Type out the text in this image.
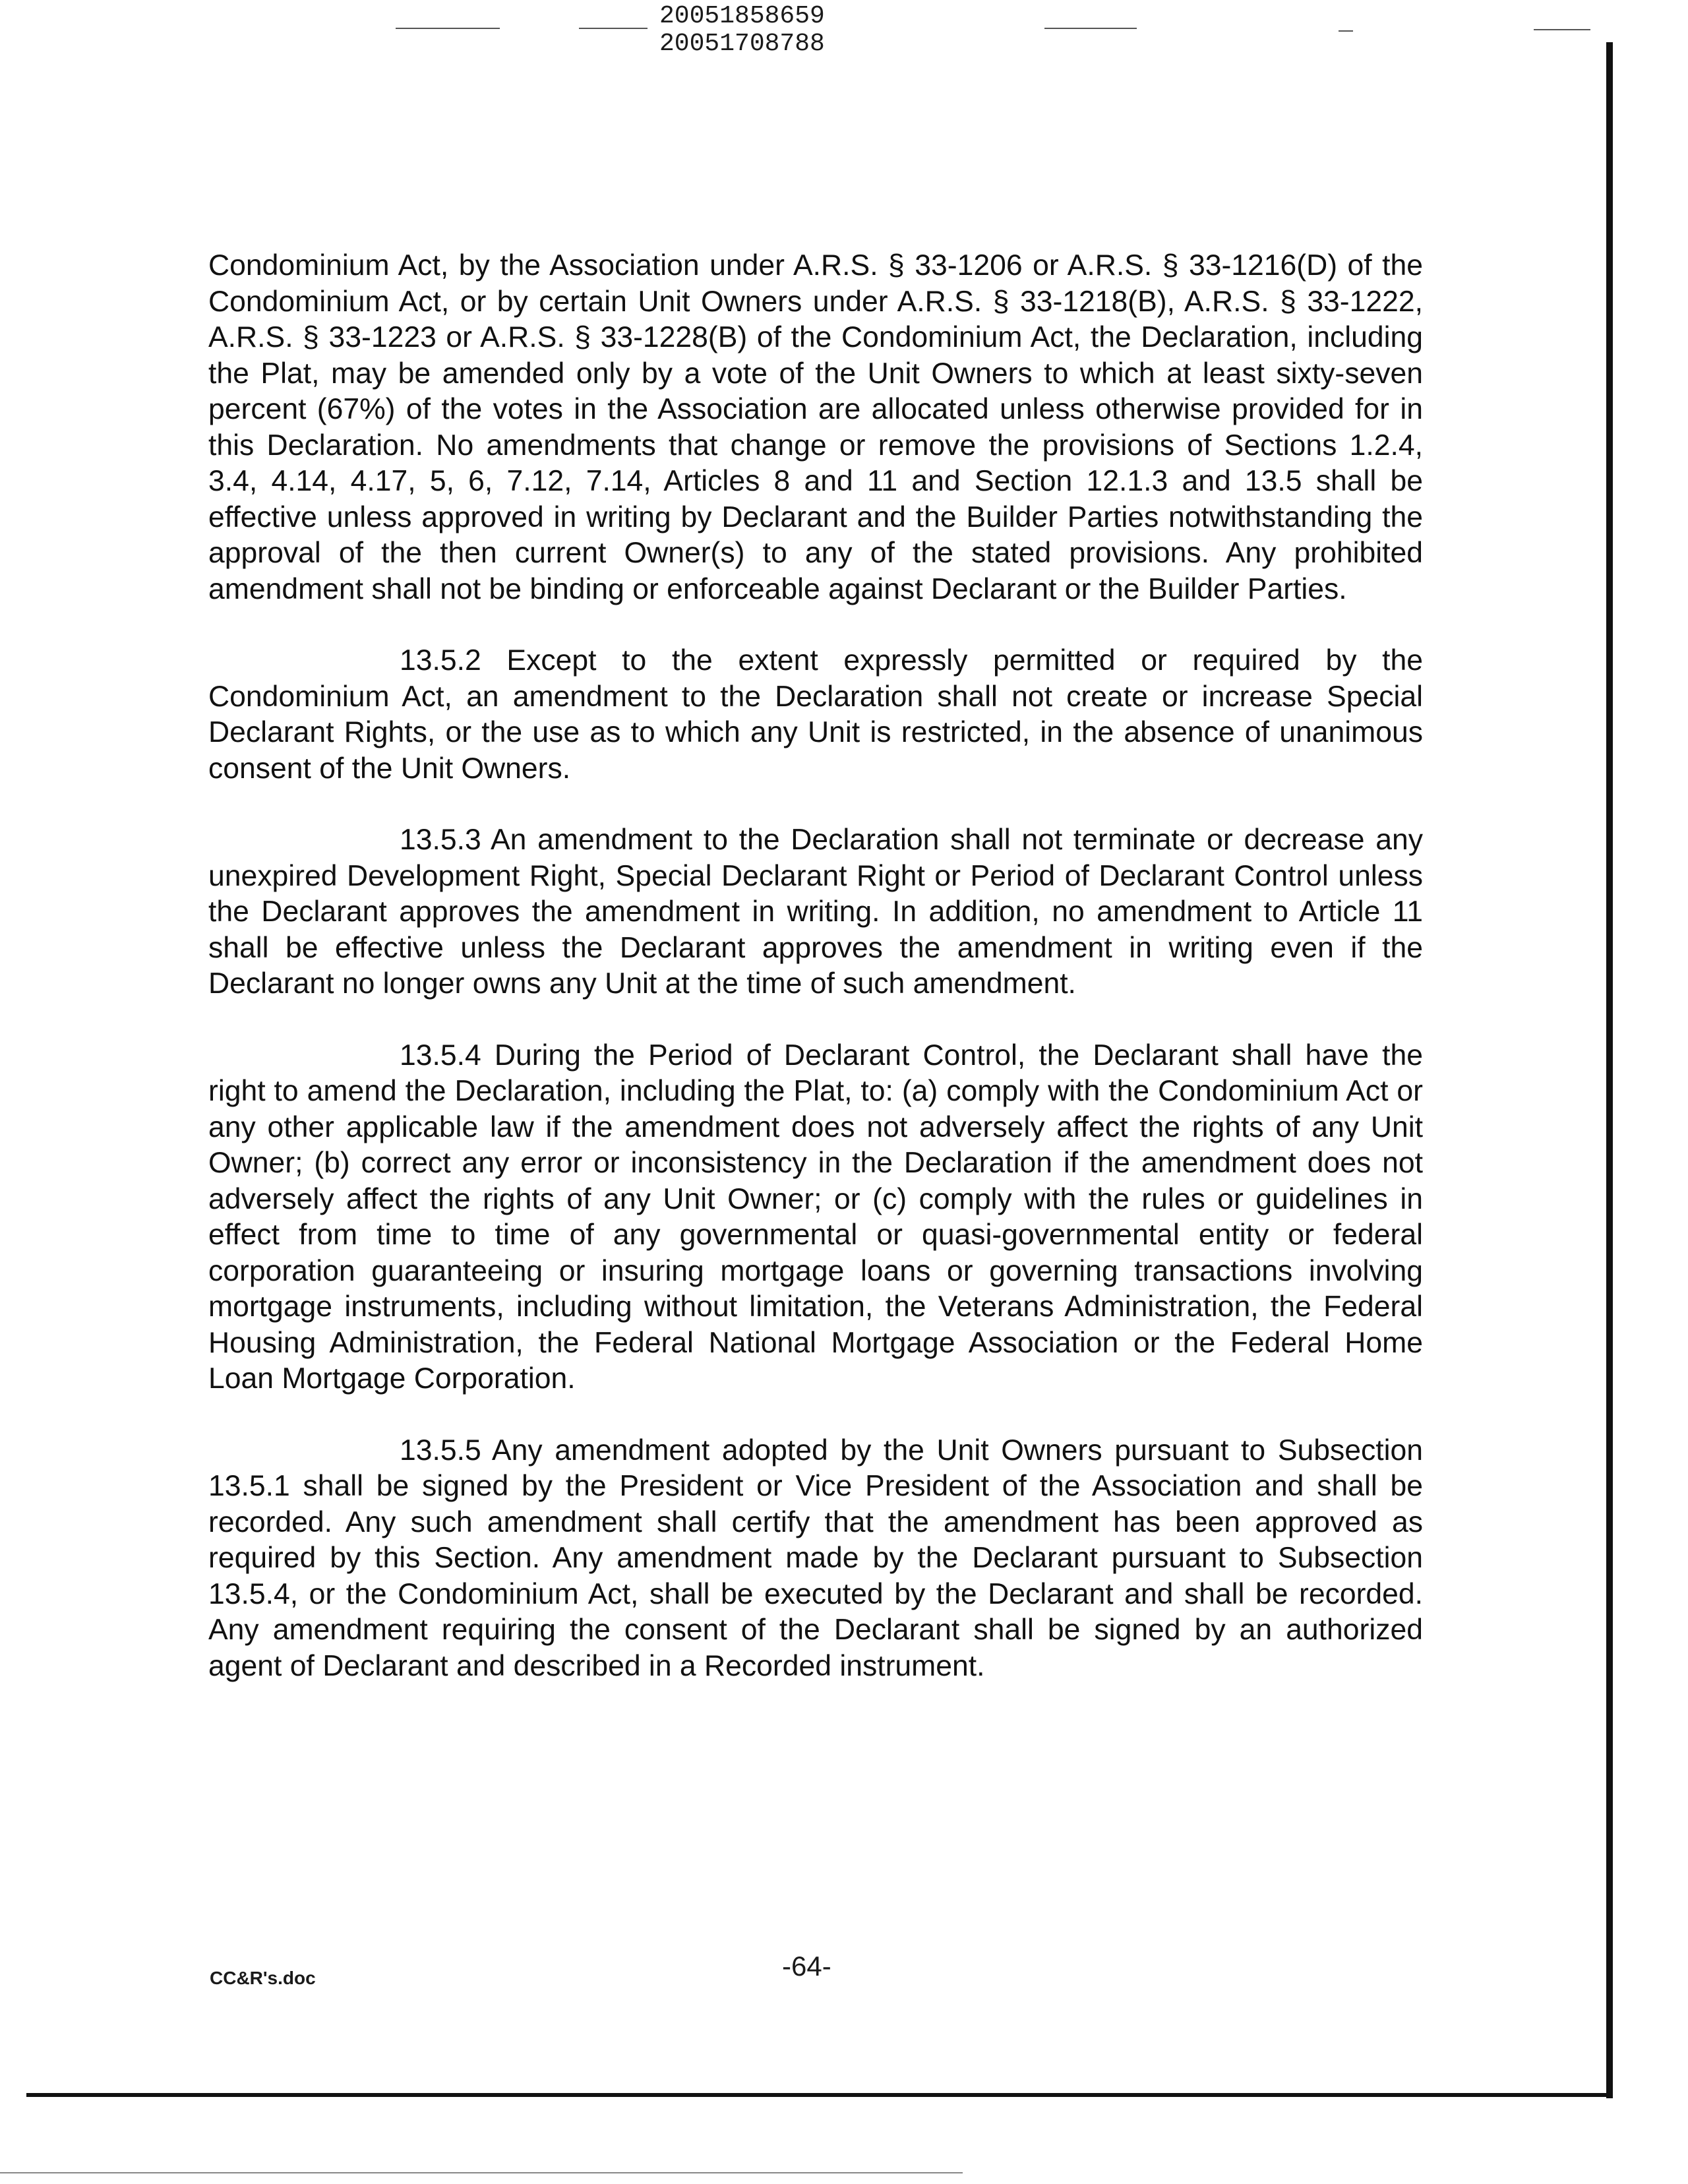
20051858659
20051708788

Condominium Act, by the Association under A.R.S. § 33-1206 or A.R.S. § 33-1216(D) of the Condominium Act, or by certain Unit Owners under A.R.S. § 33-1218(B), A.R.S. § 33-1222, A.R.S. § 33-1223 or A.R.S. § 33-1228(B) of the Condominium Act, the Declaration, including the Plat, may be amended only by a vote of the Unit Owners to which at least sixty-seven percent (67%) of the votes in the Association are allocated unless otherwise provided for in this Declaration. No amendments that change or remove the provisions of Sections 1.2.4, 3.4, 4.14, 4.17, 5, 6, 7.12, 7.14, Articles 8 and 11 and Section 12.1.3 and 13.5 shall be effective unless approved in writing by Declarant and the Builder Parties notwithstanding the approval of the then current Owner(s) to any of the stated provisions. Any prohibited amendment shall not be binding or enforceable against Declarant or the Builder Parties.

13.5.2 Except to the extent expressly permitted or required by the Condominium Act, an amendment to the Declaration shall not create or increase Special Declarant Rights, or the use as to which any Unit is restricted, in the absence of unanimous consent of the Unit Owners.

13.5.3 An amendment to the Declaration shall not terminate or decrease any unexpired Development Right, Special Declarant Right or Period of Declarant Control unless the Declarant approves the amendment in writing. In addition, no amendment to Article 11 shall be effective unless the Declarant approves the amendment in writing even if the Declarant no longer owns any Unit at the time of such amendment.

13.5.4 During the Period of Declarant Control, the Declarant shall have the right to amend the Declaration, including the Plat, to: (a) comply with the Condominium Act or any other applicable law if the amendment does not adversely affect the rights of any Unit Owner; (b) correct any error or inconsistency in the Declaration if the amendment does not adversely affect the rights of any Unit Owner; or (c) comply with the rules or guidelines in effect from time to time of any governmental or quasi-governmental entity or federal corporation guaranteeing or insuring mortgage loans or governing transactions involving mortgage instruments, including without limitation, the Veterans Administration, the Federal Housing Administration, the Federal National Mortgage Association or the Federal Home Loan Mortgage Corporation.

13.5.5 Any amendment adopted by the Unit Owners pursuant to Subsection 13.5.1 shall be signed by the President or Vice President of the Association and shall be recorded. Any such amendment shall certify that the amendment has been approved as required by this Section. Any amendment made by the Declarant pursuant to Subsection 13.5.4, or the Condominium Act, shall be executed by the Declarant and shall be recorded. Any amendment requiring the consent of the Declarant shall be signed by an authorized agent of Declarant and described in a Recorded instrument.

CC&R's.doc	-64-
